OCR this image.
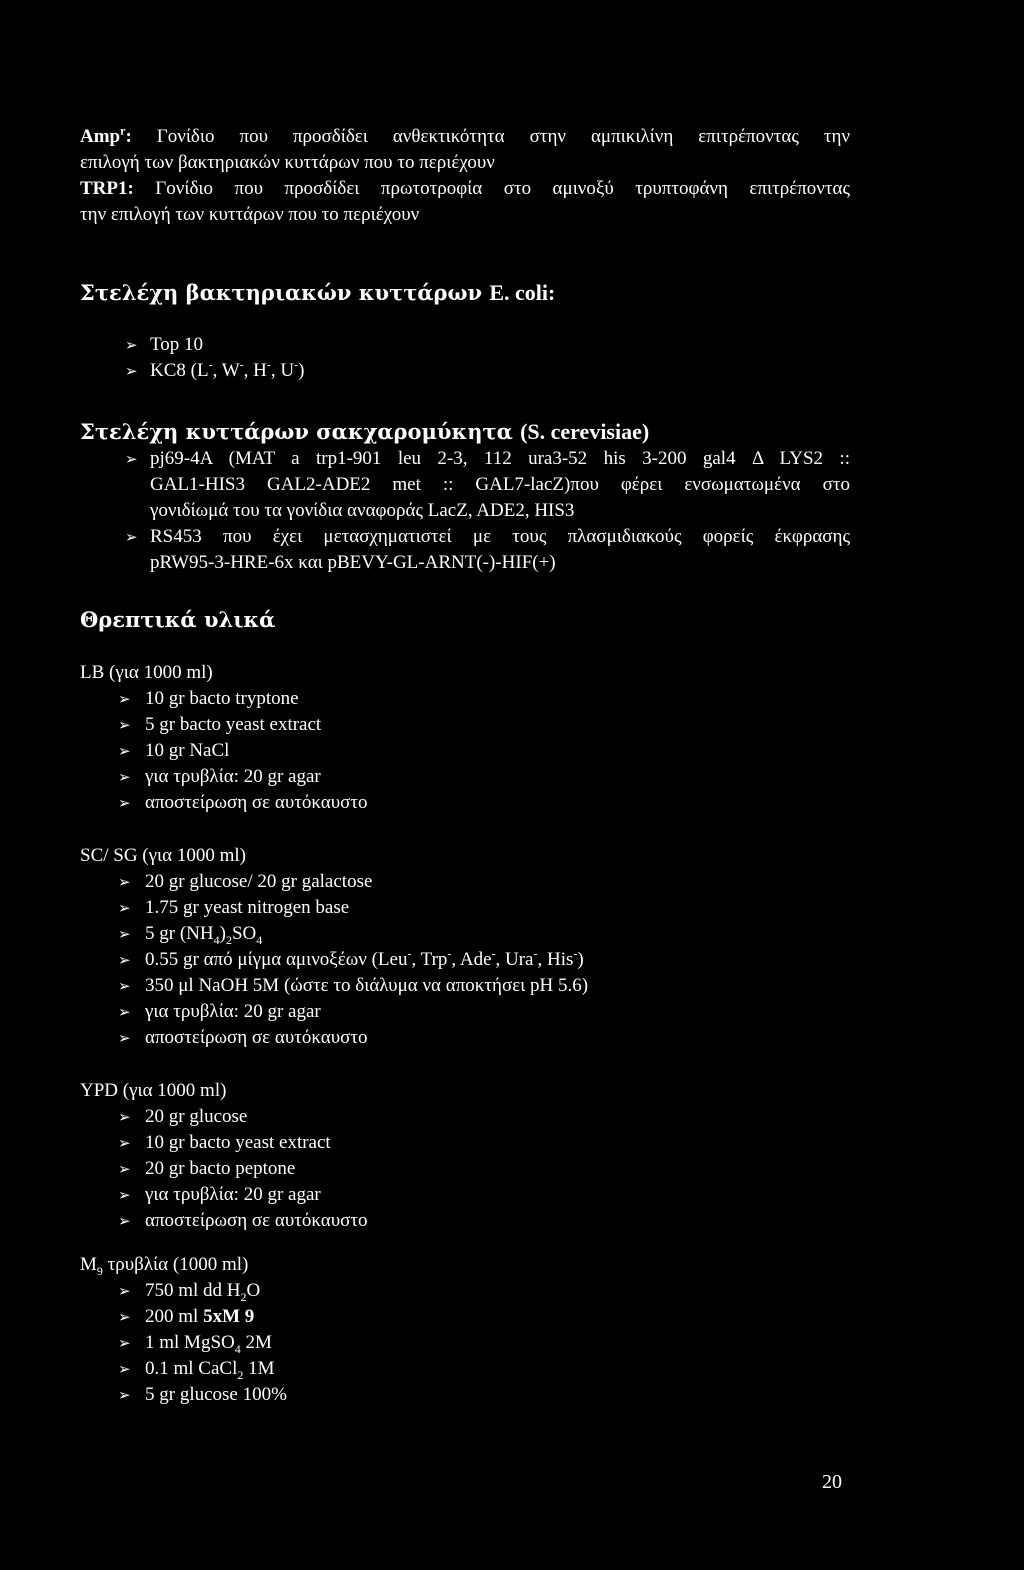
Amp$^r$: Γονίδιο που προσδίδει ανθεκτικότητα στην αμπικιλίνη επιτρέποντας την
επιλογή των βακτηριακών κυττάρων που το περιέχουν
TRP1: Γονίδιο που προσδίδει πρωτοτροφία στο αμινοξύ τρυπτοφάνη επιτρέποντας
την επιλογή των κυττάρων που το περιέχουν
Στελέχη βακτηριακών κυττάρων E. coli:
➢ Top 10
➢ KC8 (L-, W-, H-, U-)
Στελέχη κυττάρων σακχαρομύκητα (S. cerevisiae)
➢ pj69-4A (MAT a trp1-901 leu 2-3, 112 ura3-52 his 3-200 gal4 Δ LYS2 ::
GAL1-HIS3 GAL2-ADE2 met :: GAL7-lacZ)που φέρει ενσωματωμένα στο
γονιδίωμά του τα γονίδια αναφοράς LacZ, ADE2, HIS3
➢ RS453 που έχει μετασχηματιστεί με τους πλασμιδιακούς φορείς έκφρασης
pRW95-3-HRE-6x και pBEVY-GL-ARNT(-)-HIF(+)
Θρεπτικά υλικά
LB (για 1000 ml)
➢ 10 gr bacto tryptone
➢ 5 gr bacto yeast extract
➢ 10 gr NaCl
➢ για τρυβλία: 20 gr agar
➢ αποστείρωση σε αυτόκαυστο
SC/ SG (για 1000 ml)
➢ 20 gr glucose/ 20 gr galactose
➢ 1.75 gr yeast nitrogen base
➢ 5 gr $(NH_4)_2SO_4$
➢ 0.55 gr από μίγμα αμινοξέων (Leu-, Trp-, Ade-, Ura-, His-)
➢ 350 μl NaOH 5M (ώστε το διάλυμα να αποκτήσει pH 5.6)
➢ για τρυβλία: 20 gr agar
➢ αποστείρωση σε αυτόκαυστο
YPD (για 1000 ml)
➢ 20 gr glucose
➢ 10 gr bacto yeast extract
➢ 20 gr bacto peptone
➢ για τρυβλία: 20 gr agar
➢ αποστείρωση σε αυτόκαυστο
$M_9$ τρυβλία (1000 ml)
➢ 750 ml dd $H_2O$
➢ 200 ml 5xM 9
➢ 1 ml MgSO$_4$ 2M
➢ 0.1 ml CaCl$_2$ 1M
➢ 5 gr glucose 100%
20
